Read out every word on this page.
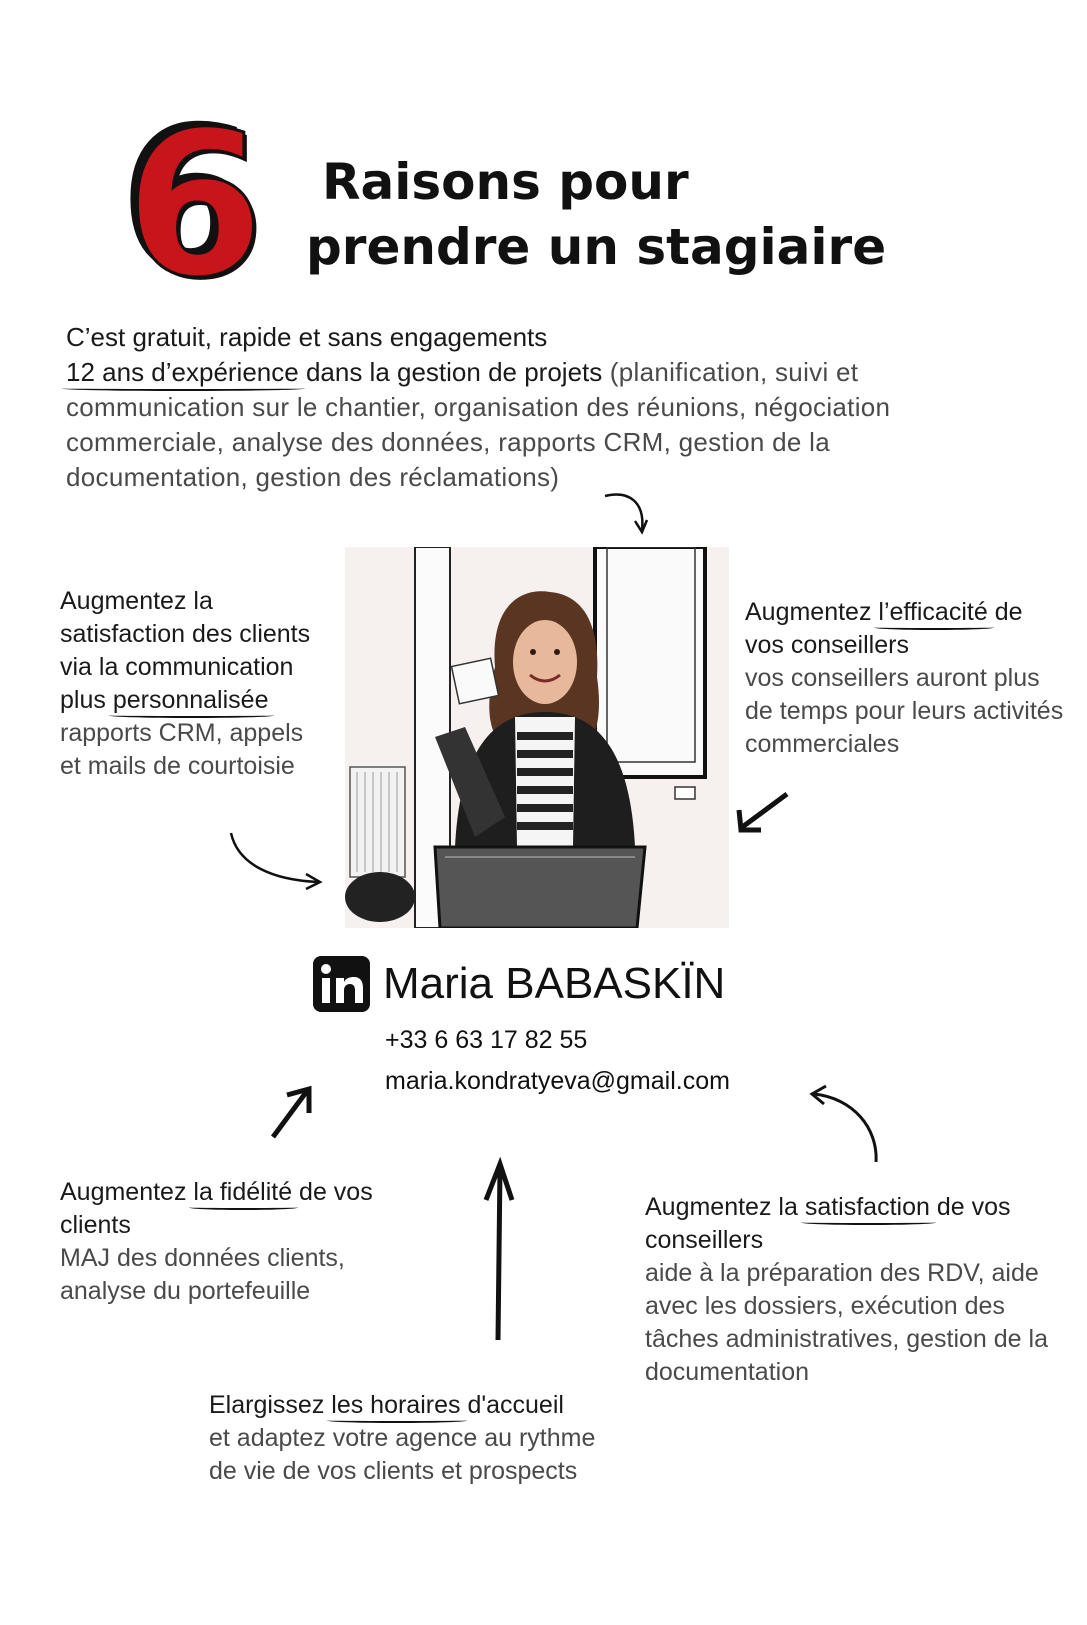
6 Raisons pour
prendre un stagiaire
C’est gratuit, rapide et sans engagements
12 ans d’expérience dans la gestion de projets (planification, suivi et communication sur le chantier, organisation des réunions, négociation commerciale, analyse des données, rapports CRM, gestion de la documentation, gestion des réclamations)
Augmentez la satisfaction des clients via la communication plus personnalisée
rapports CRM, appels et mails de courtoisie
Augmentez l’efficacité de vos conseillers
vos conseillers auront plus de temps pour leurs activités commerciales
Maria BABASKÏN
+33 6 63 17 82 55
maria.kondratyeva@gmail.com
Augmentez la fidélité de vos clients
MAJ des données clients, analyse du portefeuille
Augmentez la satisfaction de vos conseillers
aide à la préparation des RDV, aide avec les dossiers, exécution des tâches administratives, gestion de la documentation
Elargissez les horaires d'accueil
et adaptez votre agence au rythme de vie de vos clients et prospects
